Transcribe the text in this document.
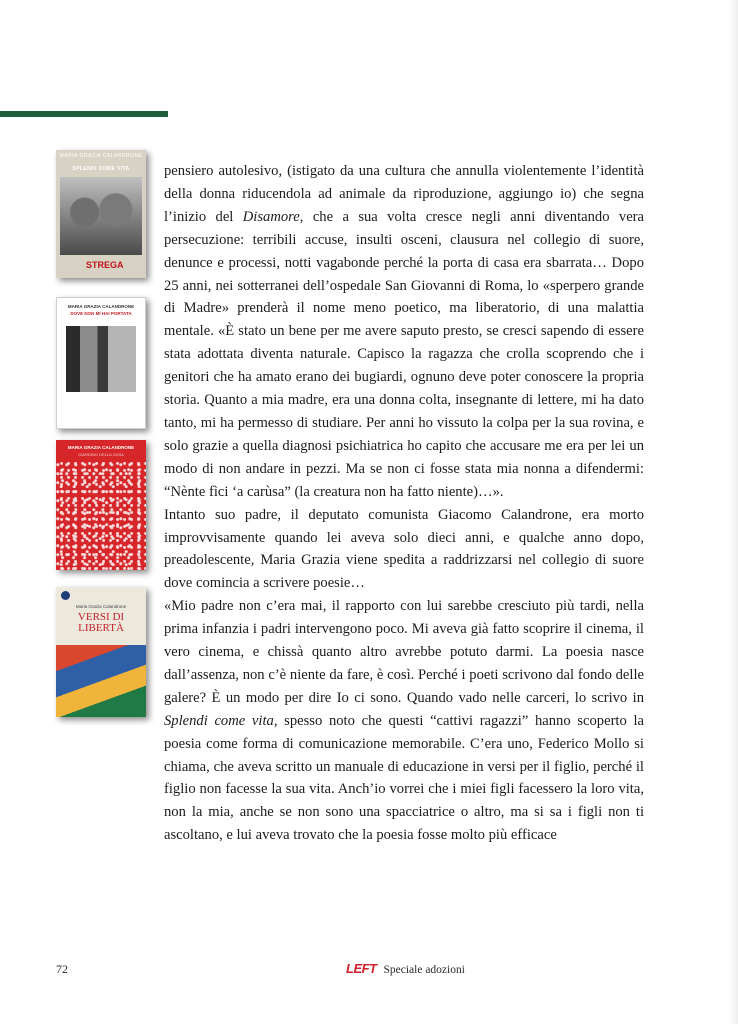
MARIA GRAZIA CALANDRONE
SPLENDI COME VITA
STREGA
MARIA GRAZIA CALANDRONE
DOVE NON MI HAI PORTATA
MARIA GRAZIA CALANDRONE
GIARDINO DELLA GIOIA
Maria Grazia Calandrone
VERSI DI LIBERTÀ

pensiero autolesivo, (istigato da una cultura che annulla violentemente l’identità della donna riducendola ad animale da riproduzione, aggiungo io) che segna l’inizio del Disamore, che a sua volta cresce negli anni diventando vera persecuzione: terribili accuse, insulti osceni, clausura nel collegio di suore, denunce e processi, notti vagabonde perché la porta di casa era sbarrata… Dopo 25 anni, nei sotterranei dell’ospedale San Giovanni di Roma, lo «sperpero grande di Madre» prenderà il nome meno poetico, ma liberatorio, di una malattia mentale. «È stato un bene per me avere saputo presto, se cresci sapendo di essere stata adottata diventa naturale. Capisco la ragazza che crolla scoprendo che i genitori che ha amato erano dei bugiardi, ognuno deve poter conoscere la propria storia. Quanto a mia madre, era una donna colta, insegnante di lettere, mi ha dato tanto, mi ha permesso di studiare. Per anni ho vissuto la colpa per la sua rovina, e solo grazie a quella diagnosi psichiatrica ho capito che accusare me era per lei un modo di non andare in pezzi. Ma se non ci fosse stata mia nonna a difendermi: “Nènte fìci ‘a carùsa” (la creatura non ha fatto niente)…».

Intanto suo padre, il deputato comunista Giacomo Calandrone, era morto improvvisamente quando lei aveva solo dieci anni, e qualche anno dopo, preadolescente, Maria Grazia viene spedita a raddrizzarsi nel collegio di suore dove comincia a scrivere poesie…

«Mio padre non c’era mai, il rapporto con lui sarebbe cresciuto più tardi, nella prima infanzia i padri intervengono poco. Mi aveva già fatto scoprire il cinema, il vero cinema, e chissà quanto altro avrebbe potuto darmi. La poesia nasce dall’assenza, non c’è niente da fare, è così. Perché i poeti scrivono dal fondo delle galere? È un modo per dire Io ci sono. Quando vado nelle carceri, lo scrivo in Splendi come vita, spesso noto che questi “cattivi ragazzi” hanno scoperto la poesia come forma di comunicazione memorabile. C’era uno, Federico Mollo si chiama, che aveva scritto un manuale di educazione in versi per il figlio, perché il figlio non facesse la sua vita. Anch’io vorrei che i miei figli facessero la loro vita, non la mia, anche se non sono una spacciatrice o altro, ma si sa i figli non ti ascoltano, e lui aveva trovato che la poesia fosse molto più efficace

72	LEFT Speciale adozioni
